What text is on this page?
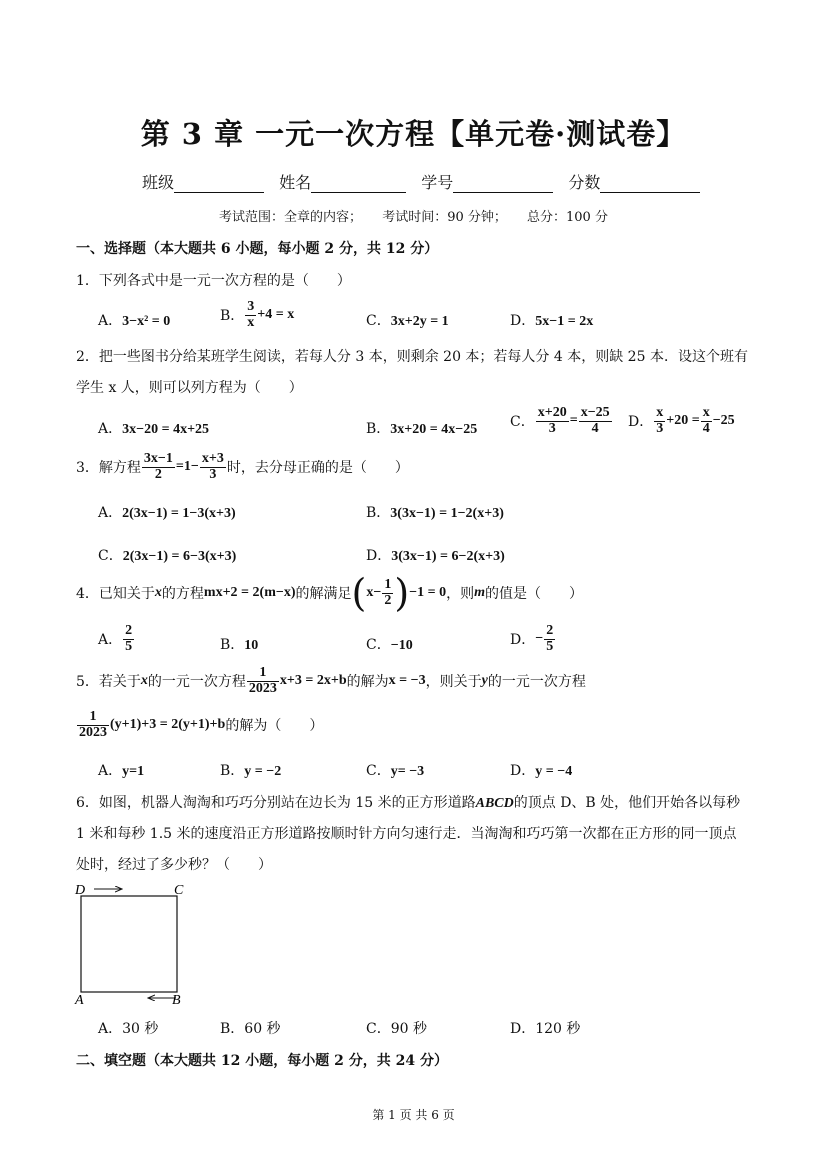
第 3 章 一元一次方程【单元卷·测试卷】
班级	姓名	学号	分数
考试范围：全章的内容； 考试时间：90 分钟； 总分：100 分
一、选择题（本大题共 6 小题，每小题 2 分，共 12 分）
1．下列各式中是一元一次方程的是（　　）
A．3−x² = 0	B． $\frac{3}{x} +4 = x$	C．3x+2y = 1	D．5x−1 = 2x
2．把一些图书分给某班学生阅读，若每人分 3 本，则剩余 20 本；若每人分 4 本，则缺 25 本．设这个班有
学生 x 人，则可以列方程为（　　）
A．3x−20 = 4x+25	B．3x+20 = 4x−25 C． $\frac{x+20}{3} = \frac{x-25}{4}$ D． $\frac{x}{3} +20 = \frac{x}{4} -25$
3．解方程 $\frac{3x-1}{2} =1- \frac{x+3}{3}$ 时，去分母正确的是（　　）
A．2(3x−1) = 1−3(x+3)	B．3(3x−1) = 1−2(x+3)
C．2(3x−1) = 6−3(x+3)	D．3(3x−1) = 6−2(x+3)
4．已知关于x的方程mx+2 = 2(m−x)的解满足$(x- \frac{1}{2} )-1 = 0$，则m的值是（　　）
A． $\frac{2}{5}$	B．10	C．−10	D．− $\frac{2}{5}$
5．若关于x的一元一次方程 $\frac{1}{2023} x+3 = 2x+b$的解为x = −3，则关于y的一元一次方程
$\frac{1}{2023} (y+1)+3 = 2(y+1)+b$的解为（　　）
A．y=1	B．y = −2	C．y= −3	D．y = −4
6．如图，机器人淘淘和巧巧分别站在边长为 15 米的正方形道路ABCD的顶点 D、B 处，他们开始各以每秒
1 米和每秒 1.5 米的速度沿正方形道路按顺时针方向匀速行走．当淘淘和巧巧第一次都在正方形的同一顶点
处时，经过了多少秒？（　　）
D	C
A	B
A．30 秒	B．60 秒	C．90 秒	D．120 秒
二、填空题（本大题共 12 小题，每小题 2 分，共 24 分）
第 1 页 共 6 页
